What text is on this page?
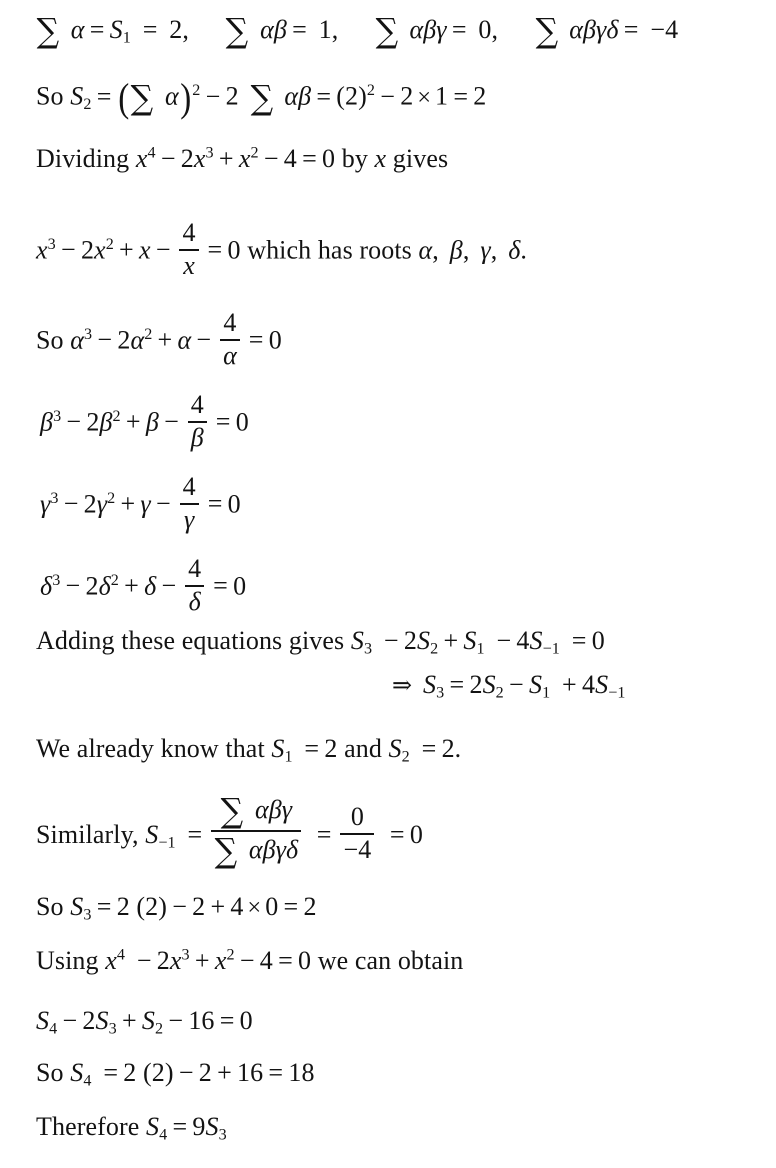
∑ $\alpha = S_1 = 2$, ∑ αβ = 1, ∑ αβγ = 0, ∑ αβγδ = −4
So $S_2$ = (∑ α)$^2$ − 2 ∑ $\alpha\beta = (2)^2 - 2 \times 1 = 2$
Dividing $x^4 - 2x^3 + x^2 - 4 = 0$ by x gives
$x^3 - 2x^2 + x - \frac{4}{x} = 0$ which has roots α, β, γ, δ.
So $\alpha^3 - 2\alpha^2 + \alpha - \frac{4}{\alpha} = 0$
$\beta^3 - 2\beta^2 + \beta - \frac{4}{\beta} = 0$
$\gamma^3 - 2\gamma^2 + \gamma - \frac{4}{\gamma} = 0$
$\delta^3 - 2\delta^2 + \delta - \frac{4}{\delta} = 0$
Adding these equations gives $S_3 - 2S_2 + S_1 - 4S_{-1} = 0$
⇒ $S_3 = 2S_2 - S_1 + 4S_{-1}$
We already know that $S_1 = 2$ and $S_2 = 2$.
Similarly, $S_{-1} = \frac{\text{∑ αβγ}}{\text{∑ αβγδ}} = \frac{0}{-4} = 0$
So $S_3 = 2$ (2) − 2 + 4 × 0 = 2
Using $x^4 - 2x^3 + x^2 - 4 = 0$ we can obtain
$S_4 - 2S_3 + S_2 - 16 = 0$
So $S_4 = 2$ (2) − 2 + 16 = 18
Therefore $S_4 = 9S_3$
